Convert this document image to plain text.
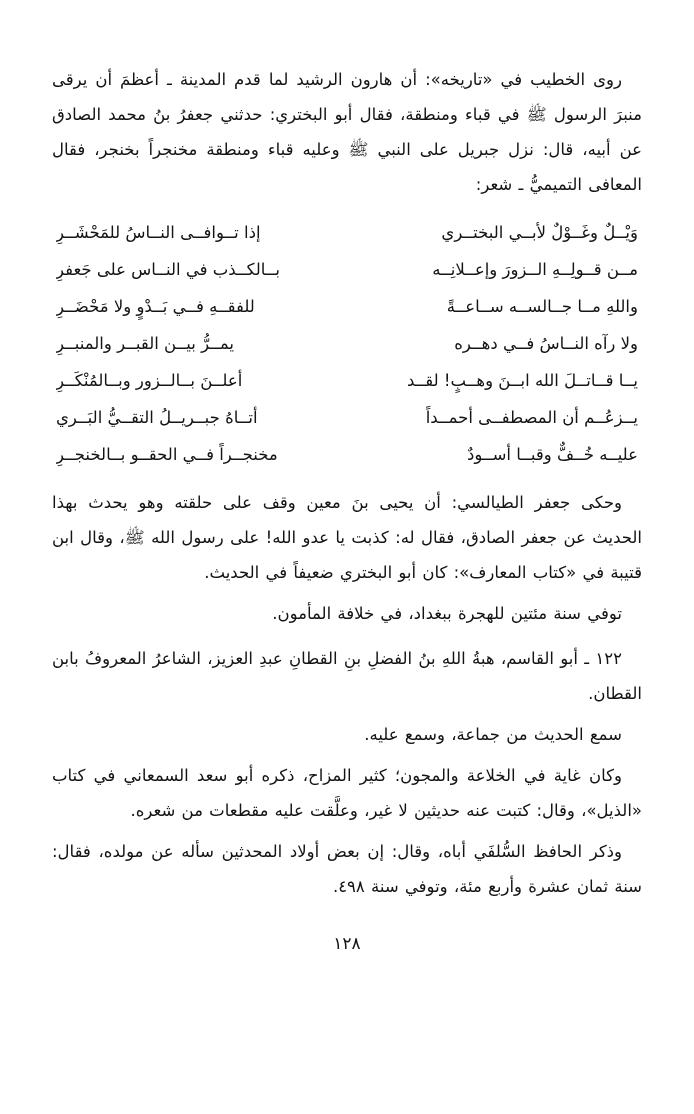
روى الخطيب في «تاريخه»: أن هارون الرشيد لما قدم المدينة ـ أعظمَ أن يرقى منبرَ الرسول ﷺ في قباء ومنطقة، فقال أبو البختري: حدثني جعفرُ بنُ محمد الصادق عن أبيه، قال: نزل جبريل على النبي ﷺ وعليه قباء ومنطقة مخنجراً بخنجر، فقال المعافى التميميُّ ـ شعر:

وَيْــلٌ وغَــوْلٌ لأبــي البختــري
إذا تــوافــى النــاسُ للمَحْشَــرِ
مــن قــولِــهِ الــزورَ وإعــلانِــه
بــالكــذب في النــاس على جَعفرِ
واللهِ مــا جــالســه ســاعــةً
للفقــهِ فــي بَــدْوٍ ولا مَحْضَــرِ
ولا رآه النــاسُ فــي دهــره
يمــرُّ بيــن القبــر والمنبــرِ
يــا قــاتــلَ الله ابــنَ وهــبٍ! لقــد
أعلــنَ بــالــزور وبــالمُنْكَــرِ
يــزعُــم أن المصطفــى أحمــداً
أتــاهُ جبــريــلُ التقــيُّ البَــري
عليــه خُــفٌّ وقبــا أســودٌ
مخنجــراً فــي الحقــو بــالخنجــرِ

وحكى جعفر الطيالسي: أن يحيى بنَ معين وقف على حلقته وهو يحدث بهذا الحديث عن جعفر الصادق، فقال له: كذبت يا عدو الله! على رسول الله ﷺ، وقال ابن قتيبة في «كتاب المعارف»: كان أبو البختري ضعيفاً في الحديث.

توفي سنة مئتين للهجرة ببغداد، في خلافة المأمون.

١٢٢ ـ أبو القاسم، هبةُ اللهِ بنُ الفضلِ بنِ القطانِ عبدِ العزيز، الشاعرُ المعروفُ بابن القطان.

سمع الحديث من جماعة، وسمع عليه.

وكان غاية في الخلاعة والمجون؛ كثير المزاح، ذكره أبو سعد السمعاني في كتاب «الذيل»، وقال: كتبت عنه حديثين لا غير، وعلَّقت عليه مقطعات من شعره.

وذكر الحافظ السُّلفَي أباه، وقال: إن بعض أولاد المحدثين سأله عن مولده، فقال: سنة ثمان عشرة وأربع مئة، وتوفي سنة ٤٩٨.

١٢٨
